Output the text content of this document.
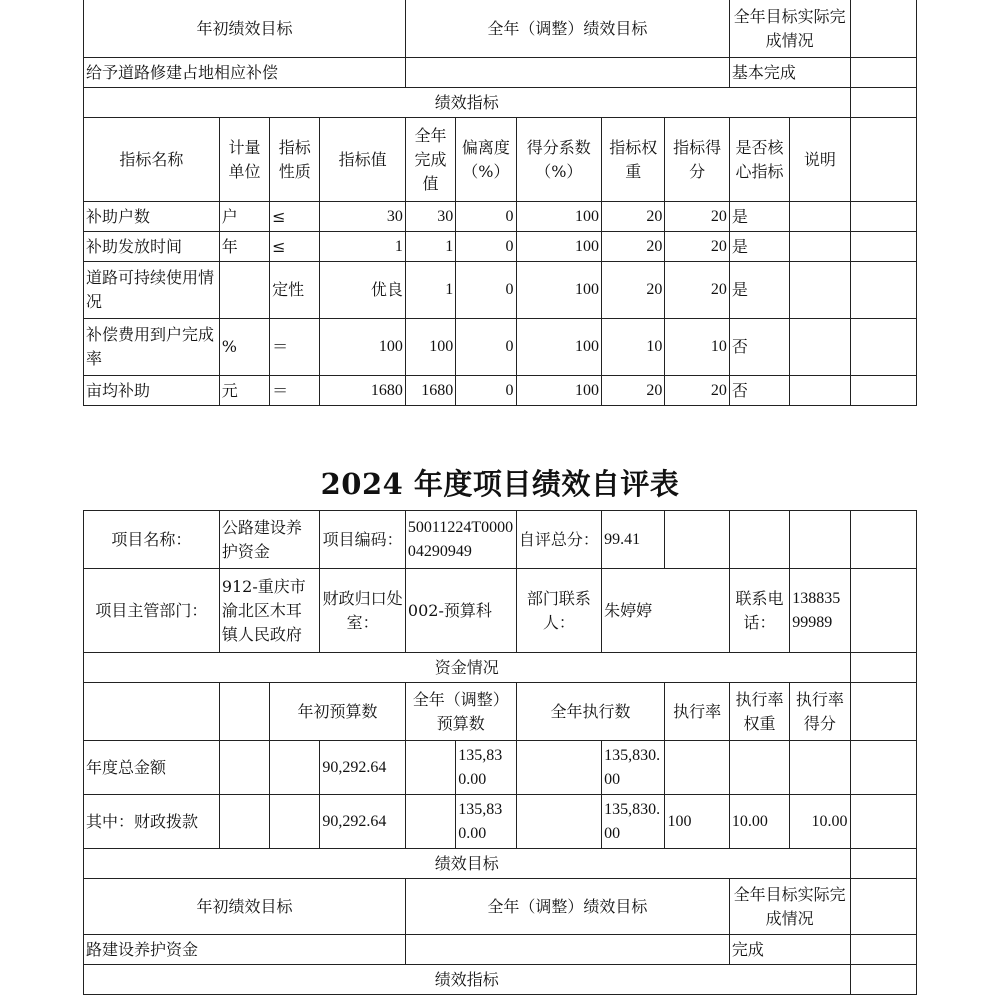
年初绩效目标				全年（调整）绩效目标					全年目标实际完成情况		
给予道路修建占地相应补偿									基本完成		
绩效指标											
指标名称	计量单位	指标性质	指标值	全年完成值	偏离度（%）	得分系数（%）	指标权重	指标得分	是否核心指标	说明	
补助户数	户	≤	30	30	0	100	20	20	是		
补助发放时间	年	≤	1	1	0	100	20	20	是		
道路可持续使用情况		定性	优良	1	0	100	20	20	是		
补偿费用到户完成率	%	＝	100	100	0	100	10	10	否		
亩均补助	元	＝	1680	1680	0	100	20	20	否		
2024 年度项目绩效自评表
项目名称：	公路建设养护资金		项目编码：	50011224T000004290949		自评总分：	99.41				
项目主管部门：	912-重庆市渝北区木耳镇人民政府		财政归口处室：	002-预算科		部门联系人：	朱婷婷		联系电话：	13883599989	
资金情况											
		年初预算数		全年（调整）预算数		全年执行数		执行率	执行率权重	执行率得分	
年度总金额			90,292.64		135,830.00		135,830.00				
其中：财政拨款			90,292.64		135,830.00		135,830.00	100	10.00	10.00	
绩效目标											
年初绩效目标				全年（调整）绩效目标					全年目标实际完成情况		
路建设养护资金									完成		
绩效指标											
